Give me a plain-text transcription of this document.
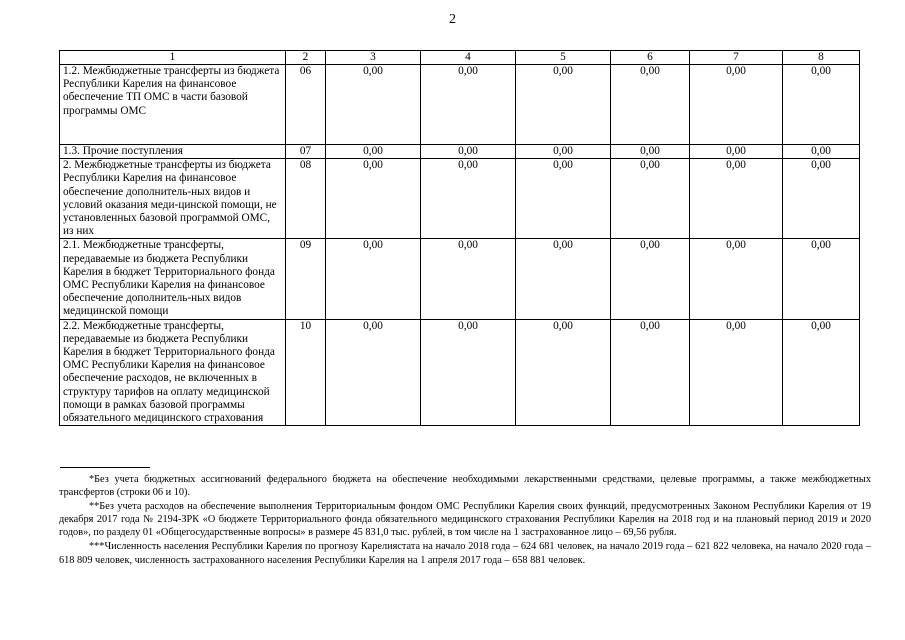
2
1	2	3	4	5	6	7	8
1.2. Межбюджетные трансферты из бюджета Республики Карелия на финансовое обеспечение ТП ОМС в части базовой программы ОМС	06	0,00	0,00	0,00	0,00	0,00	0,00
1.3. Прочие поступления	07	0,00	0,00	0,00	0,00	0,00	0,00
2. Межбюджетные трансферты из бюджета Республики Карелия на финансовое обеспечение дополнитель-ных видов и условий оказания меди-цинской помощи, не установленных базовой программой ОМС, из них	08	0,00	0,00	0,00	0,00	0,00	0,00
2.1. Межбюджетные трансферты, передаваемые из бюджета Республики Карелия в бюджет Территориального фонда ОМС Республики Карелия на финансовое обеспечение дополнитель-ных видов медицинской помощи	09	0,00	0,00	0,00	0,00	0,00	0,00
2.2. Межбюджетные трансферты, передаваемые из бюджета Республики Карелия в бюджет Территориального фонда ОМС Республики Карелия на финансовое обеспечение расходов, не включенных в структуру тарифов на оплату медицинской помощи в рамках базовой программы обязательного медицинского страхования	10	0,00	0,00	0,00	0,00	0,00	0,00

*Без учета бюджетных ассигнований федерального бюджета на обеспечение необходимыми лекарственными средствами, целевые программы, а также межбюджетных трансфертов (строки 06 и 10).

**Без учета расходов на обеспечение выполнения Территориальным фондом ОМС Республики Карелия своих функций, предусмотренных Законом Республики Карелия от 19 декабря 2017 года № 2194-ЗРК «О бюджете Территориального фонда обязательного медицинского страхования Республики Карелия на 2018 год и на плановый период 2019 и 2020 годов», по разделу 01 «Общегосударственные вопросы» в размере 45 831,0 тыс. рублей, в том числе на 1 застрахованное лицо – 69,56 рубля.

***Численность населения Республики Карелия по прогнозу Карелиястата на начало 2018 года – 624 681 человек, на начало 2019 года – 621 822 человека, на начало 2020 года – 618 809 человек, численность застрахованного населения Республики Карелия на 1 апреля 2017 года – 658 881 человек.
